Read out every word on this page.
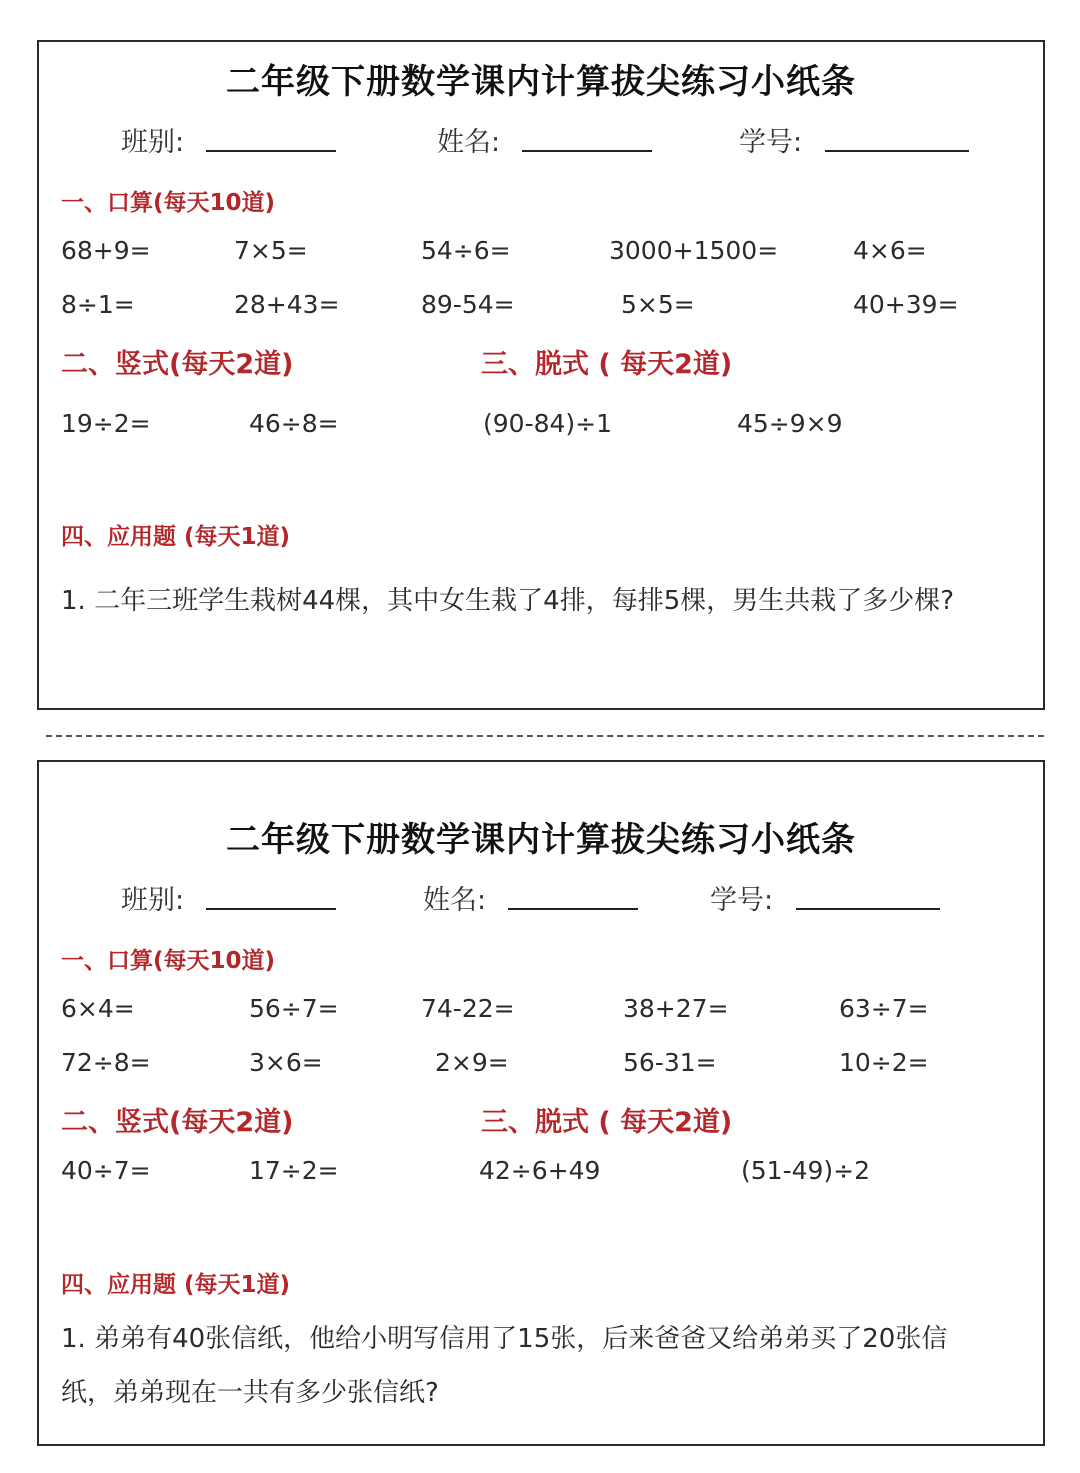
二年级下册数学课内计算拔尖练习小纸条
班别:	姓名:	学号:
一、口算(每天10道)
68+9=	7×5=	54÷6=	3000+1500=	4×6=
8÷1=	28+43=	89-54=	5×5=	40+39=
二、竖式(每天2道)	三、脱式 ( 每天2道)
19÷2=	46÷8=	(90-84)÷1	45÷9×9
四、应用题 (每天1道)
1. 二年三班学生栽树44棵，其中女生栽了4排，每排5棵，男生共栽了多少棵?
二年级下册数学课内计算拔尖练习小纸条
班别:	姓名:	学号:
一、口算(每天10道)
6×4=	56÷7=	74-22=	38+27=	63÷7=
72÷8=	3×6=	2×9=	56-31=	10÷2=
二、竖式(每天2道)	三、脱式 ( 每天2道)
40÷7=	17÷2=	42÷6+49	(51-49)÷2
四、应用题 (每天1道)
1. 弟弟有40张信纸，他给小明写信用了15张，后来爸爸又给弟弟买了20张信
纸，弟弟现在一共有多少张信纸?
